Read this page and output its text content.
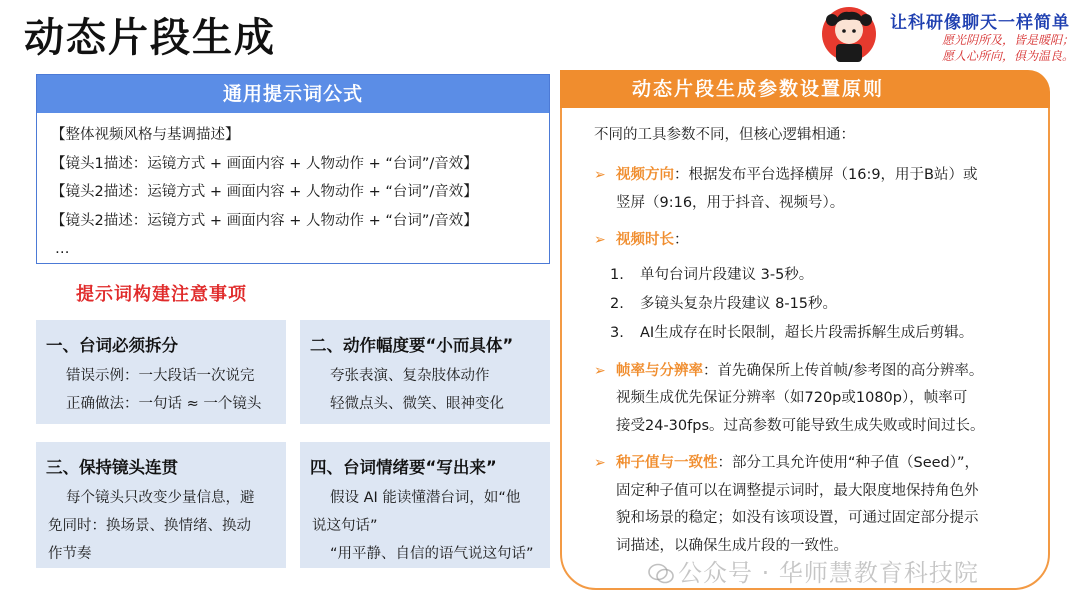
动态片段生成	让科研像聊天一样简单
愿光阴所及，皆是暖阳；
愿人心所向，俱为温良。
通用提示词公式
【整体视频风格与基调描述】
【镜头1描述：运镜方式 + 画面内容 + 人物动作 + “台词”/音效】
【镜头2描述：运镜方式 + 画面内容 + 人物动作 + “台词”/音效】
【镜头2描述：运镜方式 + 画面内容 + 人物动作 + “台词”/音效】
…
提示词构建注意事项
一、台词必须拆分
错误示例：一大段话一次说完
正确做法：一句话 ≈ 一个镜头
二、动作幅度要“小而具体”
夸张表演、复杂肢体动作
轻微点头、微笑、眼神变化
三、保持镜头连贯
每个镜头只改变少量信息，避
免同时：换场景、换情绪、换动
作节奏
四、台词情绪要“写出来”
假设 AI 能读懂潜台词，如“他
说这句话”
“用平静、自信的语气说这句话”
动态片段生成参数设置原则
不同的工具参数不同，但核心逻辑相通：
➢ 视频方向：根据发布平台选择横屏（16:9，用于B站）或
竖屏（9:16，用于抖音、视频号）。
➢ 视频时长：
1. 单句台词片段建议 3-5秒。
2. 多镜头复杂片段建议 8-15秒。
3. AI生成存在时长限制，超长片段需拆解生成后剪辑。
➢ 帧率与分辨率：首先确保所上传首帧/参考图的高分辨率。
视频生成优先保证分辨率（如720p或1080p），帧率可
接受24-30fps。过高参数可能导致生成失败或时间过长。
➢ 种子值与一致性：部分工具允许使用“种子值（Seed）”，
固定种子值可以在调整提示词时，最大限度地保持角色外
貌和场景的稳定；如没有该项设置，可通过固定部分提示
词描述，以确保生成片段的一致性。
公众号 · 华师慧教育科技院
